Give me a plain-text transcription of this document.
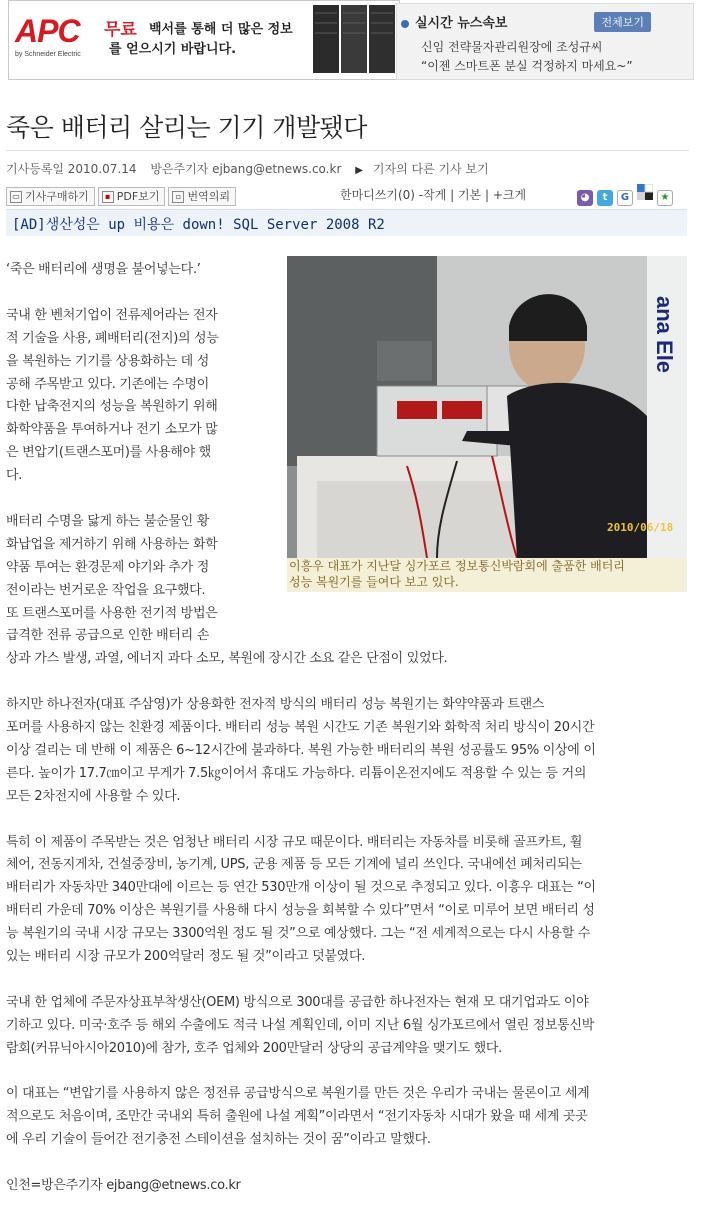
APC
by Schneider Electric
무료 백서를 통해 더 많은 정보
를 얻으시기 바랍니다.
실시간 뉴스속보	전체보기
신임 전략물자관리원장에 조성규씨
“이젠 스마트폰 분실 걱정하지 마세요~”
죽은 배터리 살리는 기기 개발됐다
기사등록일 2010.07.14 방은주기자 ejbang@etnews.co.kr ▶ 기자의 다른 기사 보기
▭ 기사구매하기 ▪ PDF보기 ▫ 번역의뢰	한마디쓰기(0) -작게 | 기본 | +크게	◕ t G	★
[AD]생산성은 up 비용은 down! SQL Server 2008 R2
ana Ele
2010/06/18
이흥우 대표가 지난달 싱가포르 정보통신박람회에 출품한 배터리
성능 복원기를 들여다 보고 있다.
‘죽은 배터리에 생명을 불어넣는다.’
국내 한 벤처기업이 전류제어라는 전자
적 기술을 사용, 폐배터리(전지)의 성능
을 복원하는 기기를 상용화하는 데 성
공해 주목받고 있다. 기존에는 수명이
다한 납축전지의 성능을 복원하기 위해
화학약품을 투여하거나 전기 소모가 많
은 변압기(트랜스포머)를 사용해야 했
다.
배터리 수명을 닳게 하는 불순물인 황
화납업을 제거하기 위해 사용하는 화학
약품 투여는 환경문제 야기와 추가 정
전이라는 번거로운 작업을 요구했다.
또 트랜스포머를 사용한 전기적 방법은
급격한 전류 공급으로 인한 배터리 손
상과 가스 발생, 과열, 에너지 과다 소모, 복원에 장시간 소요 같은 단점이 있었다.
하지만 하나전자(대표 주삼영)가 상용화한 전자적 방식의 배터리 성능 복원기는 화약약품과 트랜스
포머를 사용하지 않는 친환경 제품이다. 배터리 성능 복원 시간도 기존 복원기와 화학적 처리 방식이 20시간
이상 걸리는 데 반해 이 제품은 6~12시간에 불과하다. 복원 가능한 배터리의 복원 성공률도 95% 이상에 이
른다. 높이가 17.7㎝이고 무게가 7.5㎏이어서 휴대도 가능하다. 리튬이온전지에도 적용할 수 있는 등 거의
모든 2차전지에 사용할 수 있다.
특히 이 제품이 주목받는 것은 엄청난 배터리 시장 규모 때문이다. 배터리는 자동차를 비롯해 골프카트, 휠
체어, 전동지게차, 건설중장비, 농기계, UPS, 군용 제품 등 모든 기계에 널리 쓰인다. 국내에선 폐처리되는
배터리가 자동차만 340만대에 이르는 등 연간 530만개 이상이 될 것으로 추정되고 있다. 이흥우 대표는 “이
배터리 가운데 70% 이상은 복원기를 사용해 다시 성능을 회복할 수 있다”면서 “이로 미루어 보면 배터리 성
능 복원기의 국내 시장 규모는 3300억원 정도 될 것”으로 예상했다. 그는 “전 세계적으로는 다시 사용할 수
있는 배터리 시장 규모가 200억달러 정도 될 것”이라고 덧붙였다.
국내 한 업체에 주문자상표부착생산(OEM) 방식으로 300대를 공급한 하나전자는 현재 모 대기업과도 이야
기하고 있다. 미국·호주 등 해외 수출에도 적극 나설 계획인데, 이미 지난 6월 싱가포르에서 열린 정보통신박
람회(커뮤닉아시아2010)에 참가, 호주 업체와 200만달러 상당의 공급계약을 맺기도 했다.
이 대표는 “변압기를 사용하지 않은 정전류 공급방식으로 복원기를 만든 것은 우리가 국내는 물론이고 세계
적으로도 처음이며, 조만간 국내외 특허 출원에 나설 계획”이라면서 “전기자동차 시대가 왔을 때 세계 곳곳
에 우리 기술이 들어간 전기충전 스테이션을 설치하는 것이 꿈”이라고 말했다.
인천=방은주기자 ejbang@etnews.co.kr
